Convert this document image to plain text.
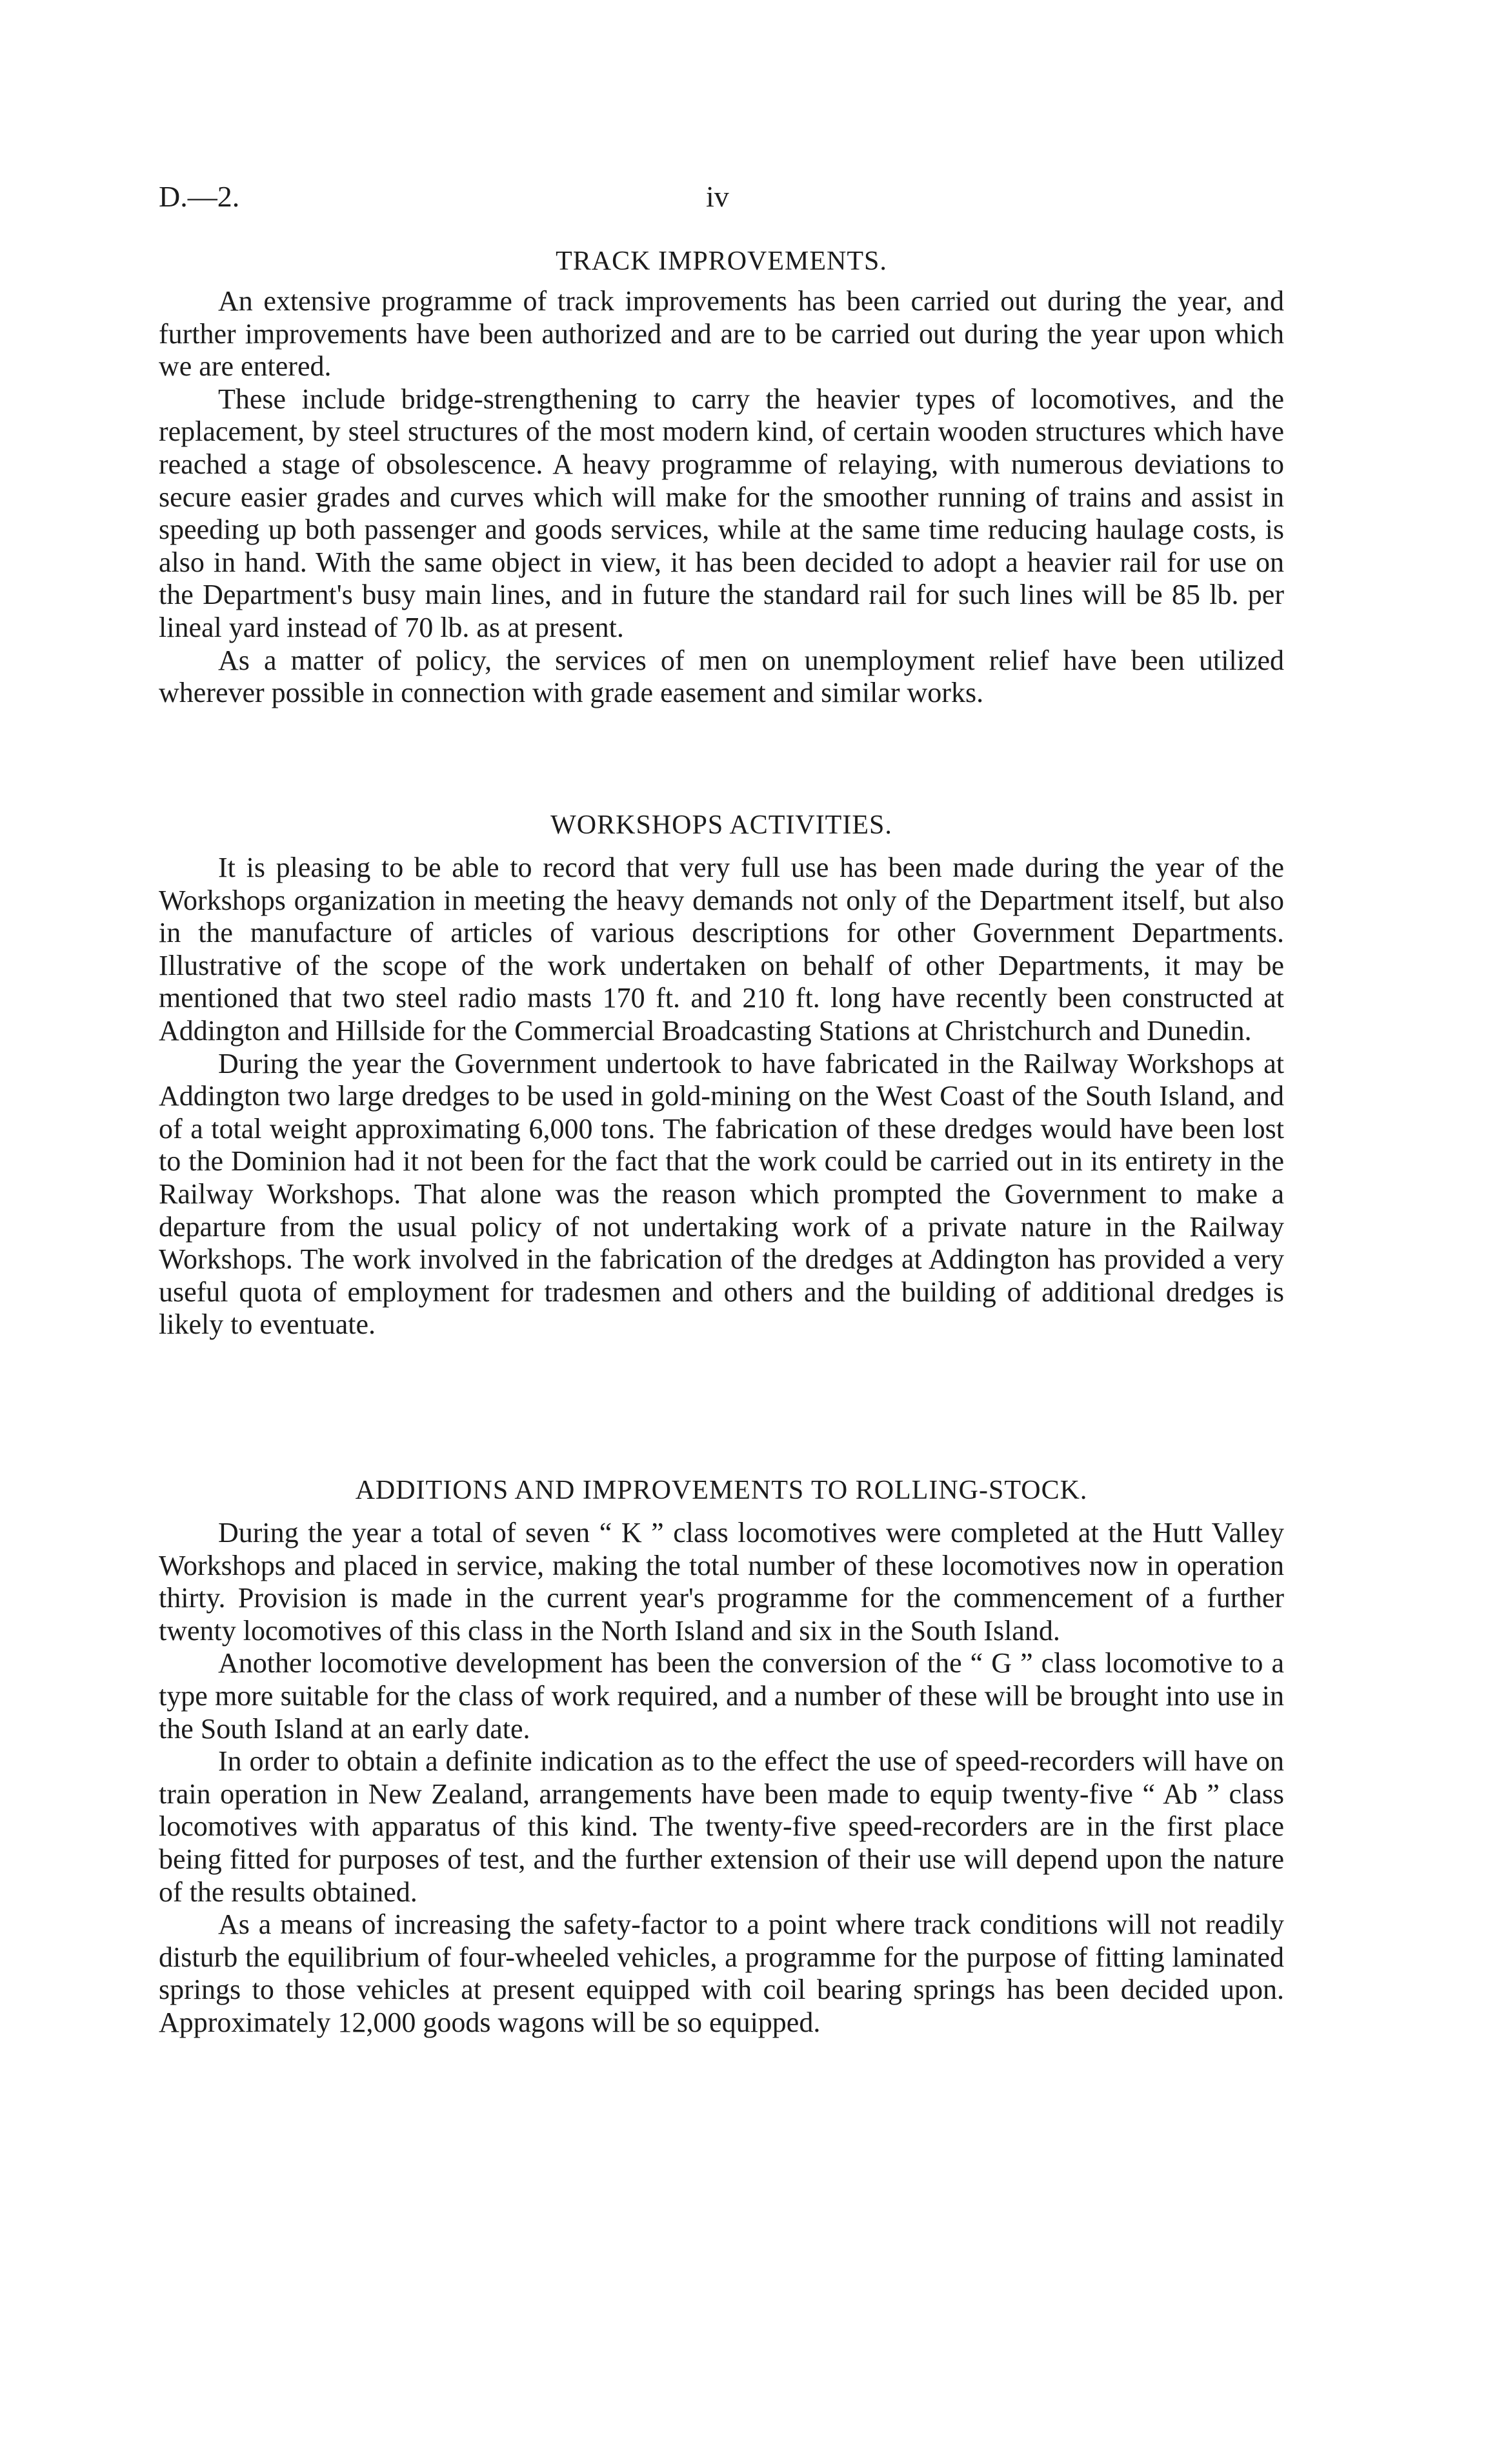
D.—2.	iv
TRACK IMPROVEMENTS.

An extensive programme of track improvements has been carried out during the year, and further improvements have been authorized and are to be carried out during the year upon which we are entered.

These include bridge-strengthening to carry the heavier types of locomotives, and the replacement, by steel structures of the most modern kind, of certain wooden structures which have reached a stage of obsolescence. A heavy programme of relaying, with numerous deviations to secure easier grades and curves which will make for the smoother running of trains and assist in speeding up both passenger and goods services, while at the same time reducing haulage costs, is also in hand. With the same object in view, it has been decided to adopt a heavier rail for use on the Department's busy main lines, and in future the standard rail for such lines will be 85 lb. per lineal yard instead of 70 lb. as at present.

As a matter of policy, the services of men on unemployment relief have been utilized wherever possible in connection with grade easement and similar works.

WORKSHOPS ACTIVITIES.

It is pleasing to be able to record that very full use has been made during the year of the Workshops organization in meeting the heavy demands not only of the Department itself, but also in the manufacture of articles of various descriptions for other Government Departments. Illustrative of the scope of the work undertaken on behalf of other Departments, it may be mentioned that two steel radio masts 170 ft. and 210 ft. long have recently been constructed at Addington and Hillside for the Commercial Broadcasting Stations at Christchurch and Dunedin.

During the year the Government undertook to have fabricated in the Railway Workshops at Addington two large dredges to be used in gold-mining on the West Coast of the South Island, and of a total weight approximating 6,000 tons. The fabrication of these dredges would have been lost to the Dominion had it not been for the fact that the work could be carried out in its entirety in the Railway Workshops. That alone was the reason which prompted the Government to make a departure from the usual policy of not undertaking work of a private nature in the Railway Workshops. The work involved in the fabrication of the dredges at Addington has provided a very useful quota of employment for tradesmen and others and the building of additional dredges is likely to eventuate.

ADDITIONS AND IMPROVEMENTS TO ROLLING-STOCK.

During the year a total of seven “ K ” class locomotives were completed at the Hutt Valley Workshops and placed in service, making the total number of these locomotives now in operation thirty. Provision is made in the current year's programme for the commencement of a further twenty locomotives of this class in the North Island and six in the South Island.

Another locomotive development has been the conversion of the “ G ” class locomotive to a type more suitable for the class of work required, and a number of these will be brought into use in the South Island at an early date.

In order to obtain a definite indication as to the effect the use of speed-recorders will have on train operation in New Zealand, arrangements have been made to equip twenty-five “ Ab ” class locomotives with apparatus of this kind. The twenty-five speed-recorders are in the first place being fitted for purposes of test, and the further extension of their use will depend upon the nature of the results obtained.

As a means of increasing the safety-factor to a point where track conditions will not readily disturb the equilibrium of four-wheeled vehicles, a programme for the purpose of fitting laminated springs to those vehicles at present equipped with coil bearing springs has been decided upon. Approximately 12,000 goods wagons will be so equipped.
